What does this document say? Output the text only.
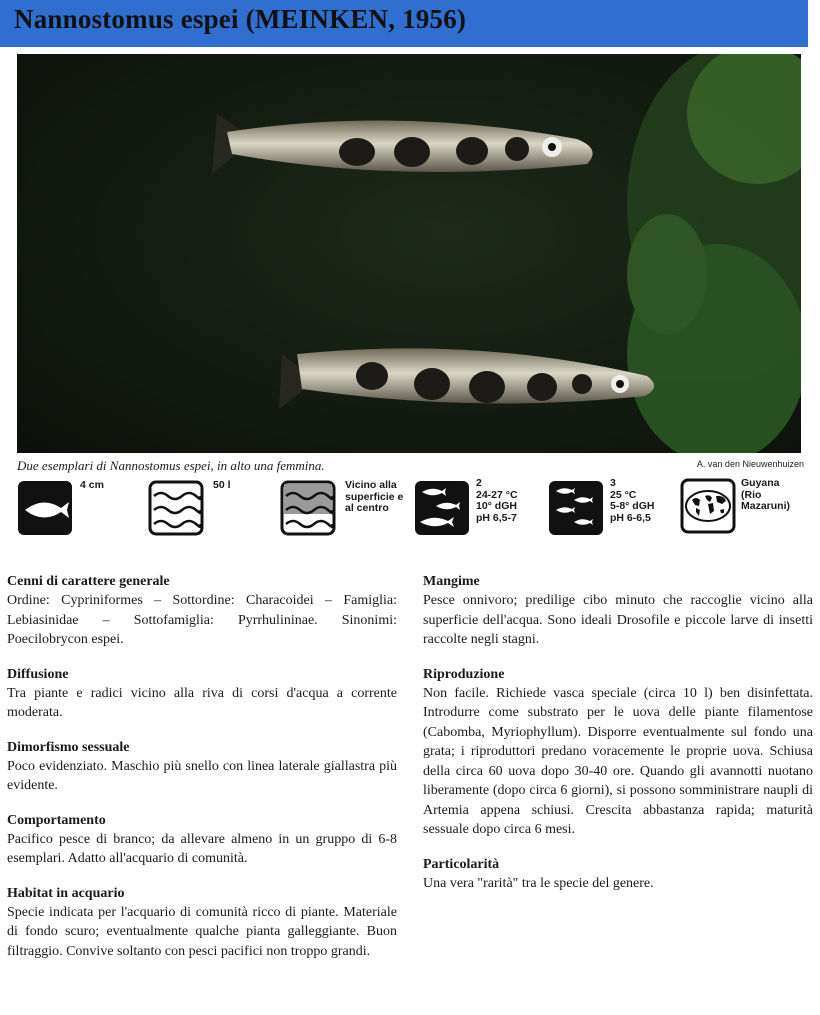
Nannostomus espei (MEINKEN, 1956)
Due esemplari di Nannostomus espei, in alto una femmina.	A. van den Nieuwenhuizen
4 cm	50 l	Vicino alla
superficie e
al centro
2
24-27 °C
10° dGH
pH 6,5-7
3
25 °C
5-8° dGH
pH 6-6,5
Guyana
(Rio
Mazaruni)
Cenni di carattere generale

Ordine: Cypriniformes – Sottordine: Characoidei – Famiglia: Lebiasinidae – Sottofamiglia: Pyrrhulininae. Sinonimi: Poecilobrycon espei.

Diffusione

Tra piante e radici vicino alla riva di corsi d'acqua a corrente moderata.

Dimorfismo sessuale

Poco evidenziato. Maschio più snello con linea laterale giallastra più evidente.

Comportamento

Pacifico pesce di branco; da allevare almeno in un gruppo di 6-8 esemplari. Adatto all'acquario di comunità.

Habitat in acquario

Specie indicata per l'acquario di comunità ricco di piante. Materiale di fondo scuro; eventualmente qualche pianta galleggiante. Buon filtraggio. Convive soltanto con pesci pacifici non troppo grandi.

Mangime

Pesce onnivoro; predilige cibo minuto che raccoglie vicino alla superficie dell'acqua. Sono ideali Drosofile e piccole larve di insetti raccolte negli stagni.

Riproduzione

Non facile. Richiede vasca speciale (circa 10 l) ben disinfettata. Introdurre come substrato per le uova delle piante filamentose (Cabomba, Myriophyllum). Disporre eventualmente sul fondo una grata; i riproduttori predano voracemente le proprie uova. Schiusa della circa 60 uova dopo 30-40 ore. Quando gli avannotti nuotano liberamente (dopo circa 6 giorni), si possono somministrare naupli di Artemia appena schiusi. Crescita abbastanza rapida; maturità sessuale dopo circa 6 mesi.

Particolarità

Una vera "rarità" tra le specie del genere.
